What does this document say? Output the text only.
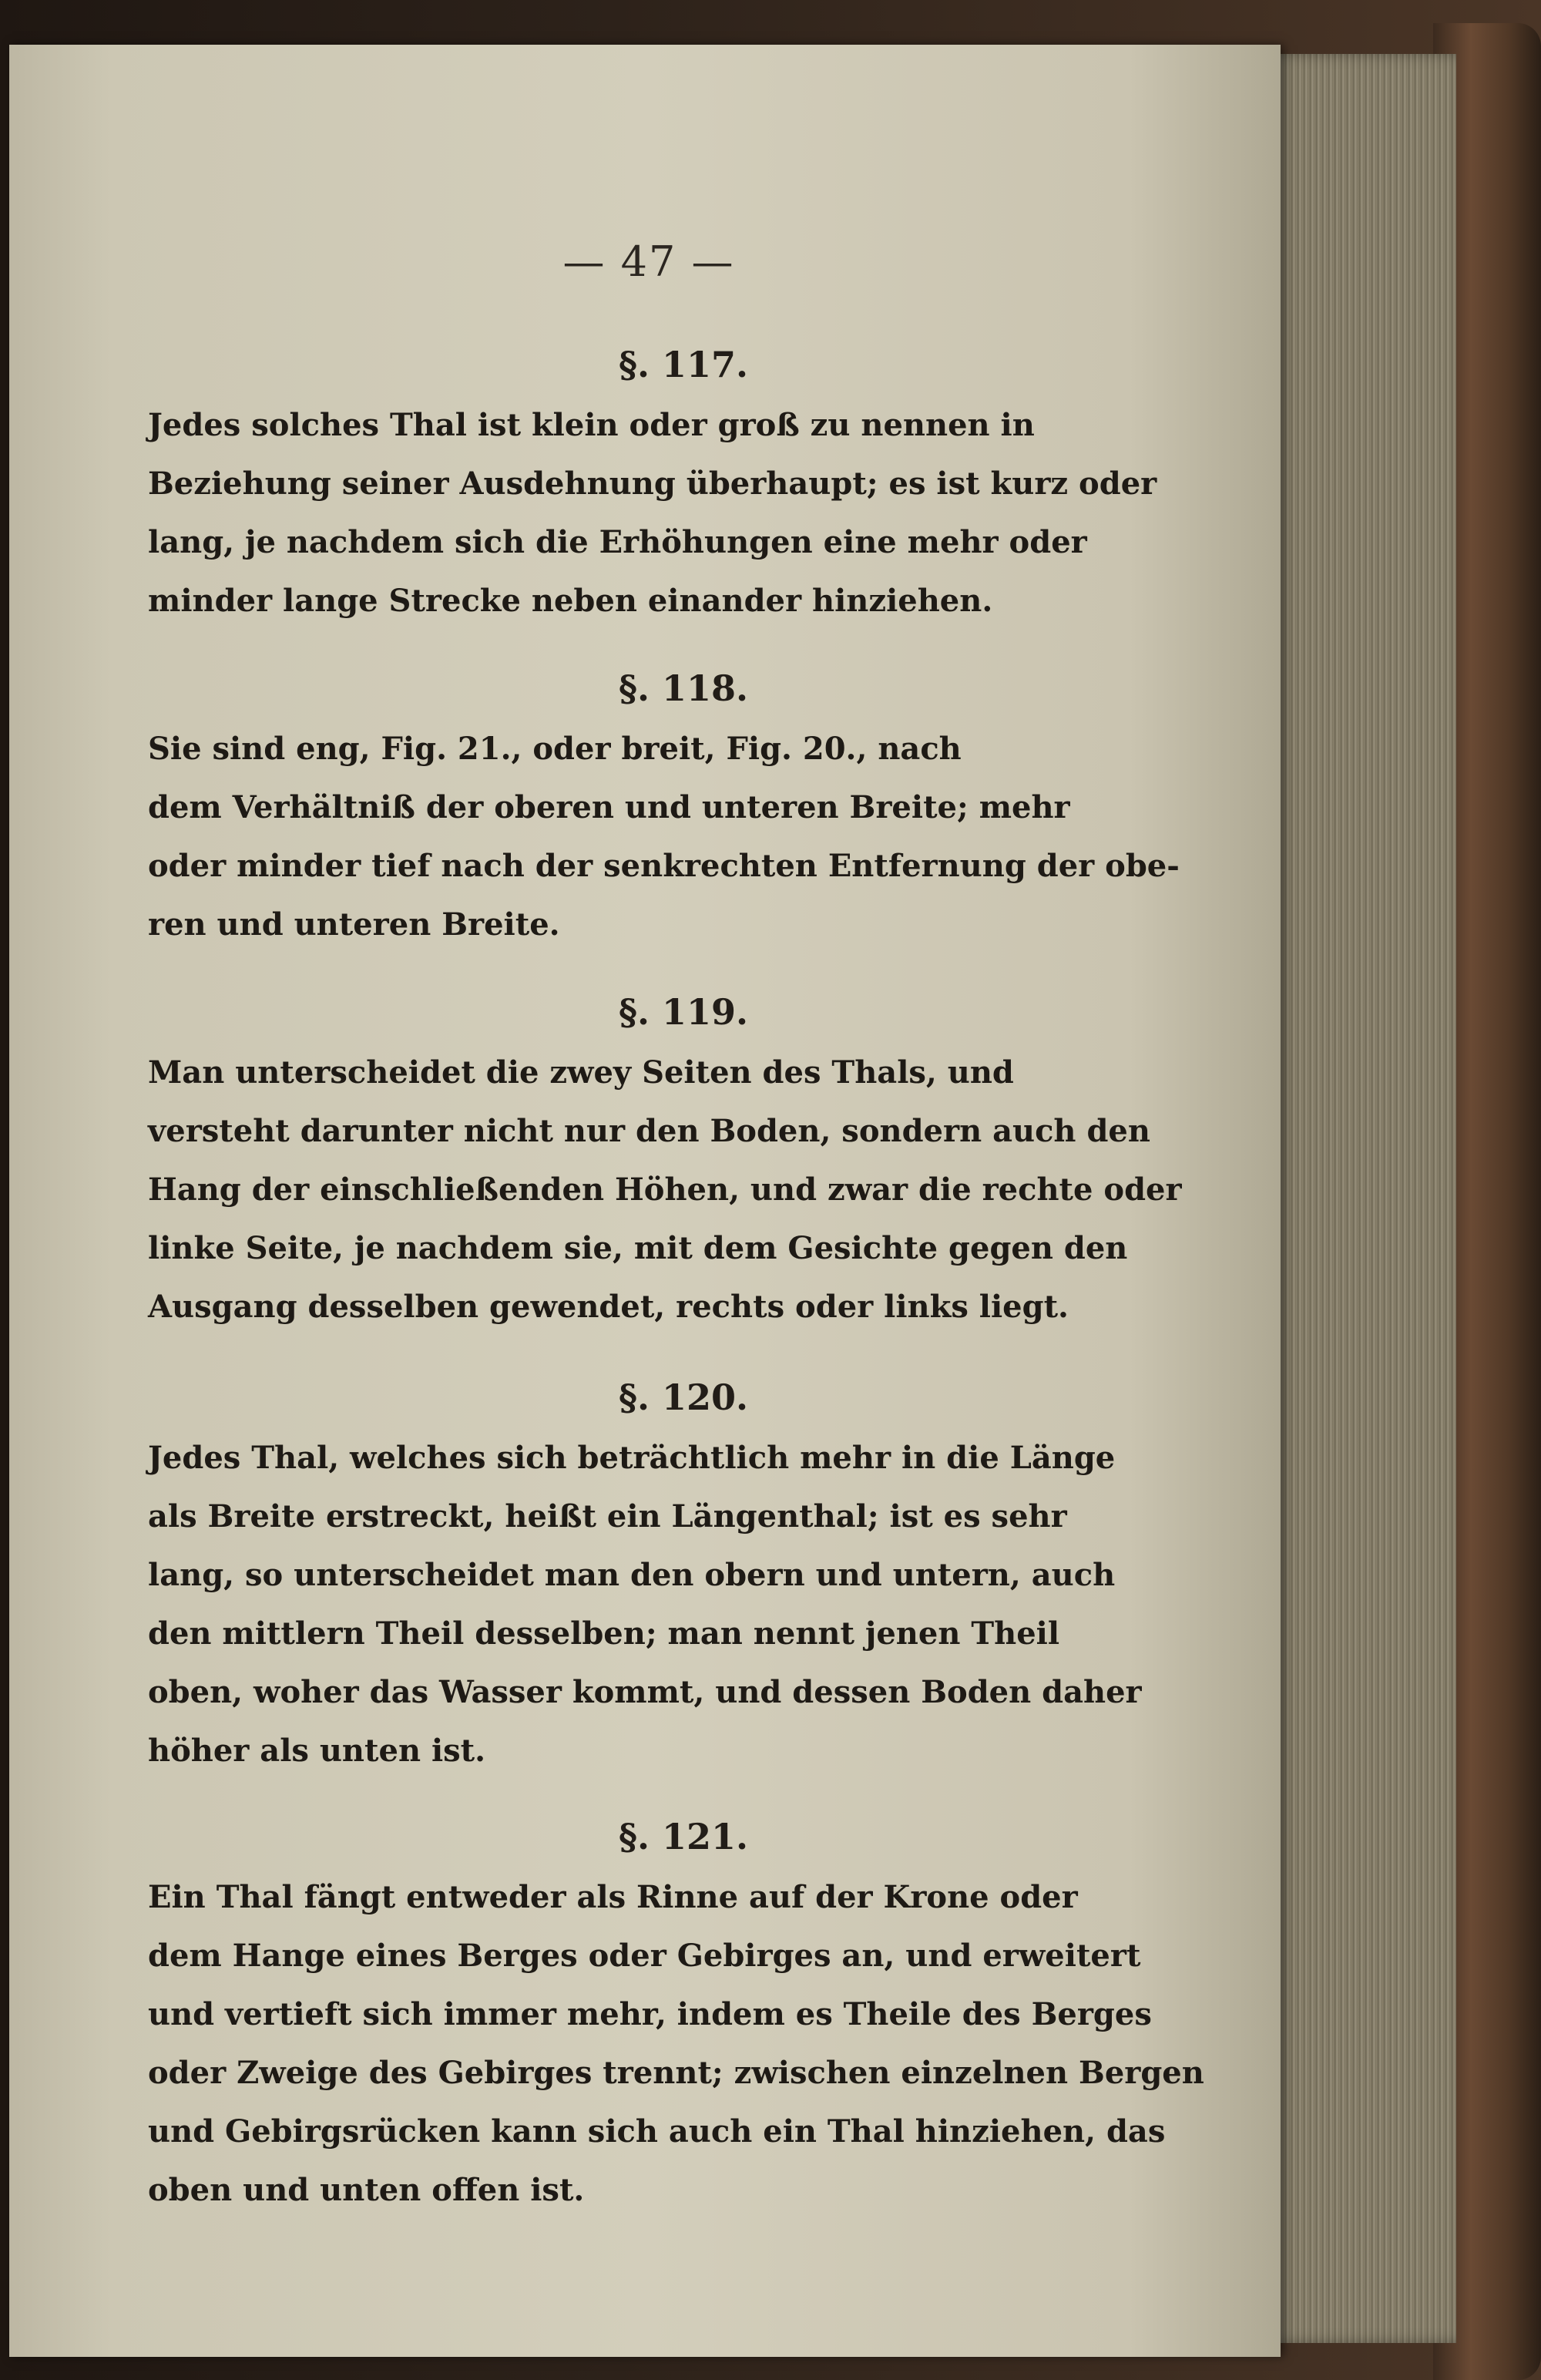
— 47 —
§. 117.
Jedes solches Thal ist klein oder groß zu nennen in
Beziehung seiner Ausdehnung überhaupt; es ist kurz oder
lang, je nachdem sich die Erhöhungen eine mehr oder
minder lange Strecke neben einander hinziehen.
§. 118.
Sie sind eng, Fig. 21., oder breit, Fig. 20., nach
dem Verhältniß der oberen und unteren Breite; mehr
oder minder tief nach der senkrechten Entfernung der obe-
ren und unteren Breite.
§. 119.
Man unterscheidet die zwey Seiten des Thals, und
versteht darunter nicht nur den Boden, sondern auch den
Hang der einschließenden Höhen, und zwar die rechte oder
linke Seite, je nachdem sie, mit dem Gesichte gegen den
Ausgang desselben gewendet, rechts oder links liegt.
§. 120.
Jedes Thal, welches sich beträchtlich mehr in die Länge
als Breite erstreckt, heißt ein Längenthal; ist es sehr
lang, so unterscheidet man den obern und untern, auch
den mittlern Theil desselben; man nennt jenen Theil
oben, woher das Wasser kommt, und dessen Boden daher
höher als unten ist.
§. 121.
Ein Thal fängt entweder als Rinne auf der Krone oder
dem Hange eines Berges oder Gebirges an, und erweitert
und vertieft sich immer mehr, indem es Theile des Berges
oder Zweige des Gebirges trennt; zwischen einzelnen Bergen
und Gebirgsrücken kann sich auch ein Thal hinziehen, das
oben und unten offen ist.
